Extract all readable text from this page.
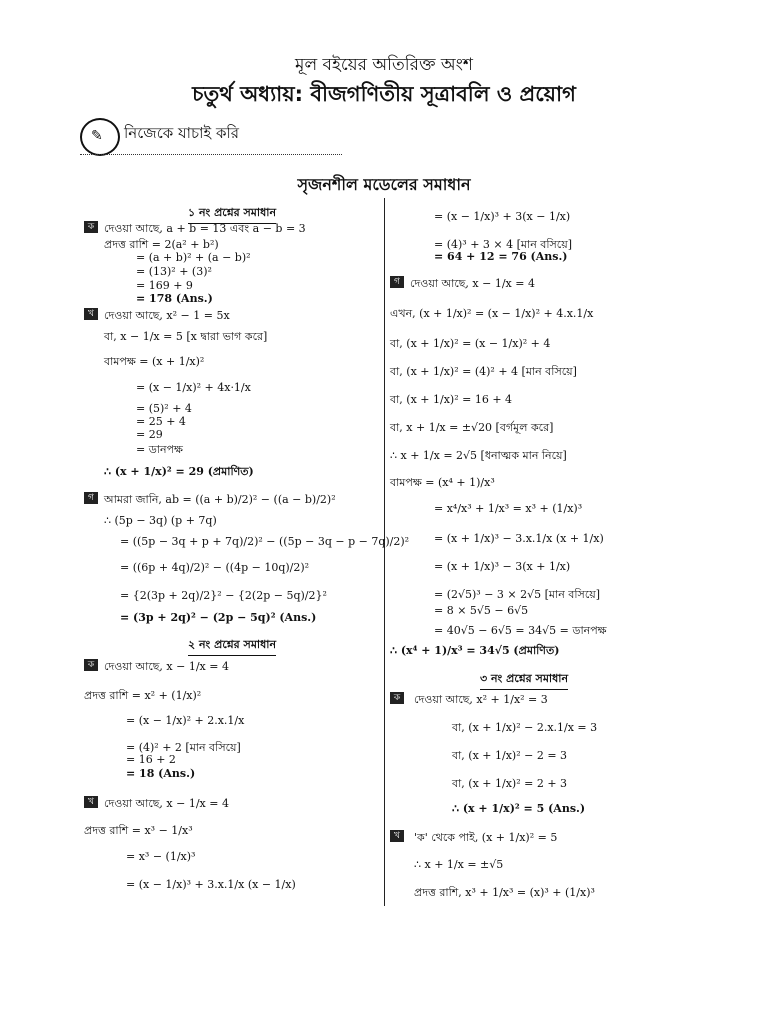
মূল বইয়ের অতিরিক্ত অংশ
চতুর্থ অধ্যায়: বীজগণিতীয় সূত্রাবলি ও প্রয়োগ
✎ নিজেকে যাচাই করি
সৃজনশীল মডেলের সমাধান
১ নং প্রশ্নের সমাধান
ক দেওয়া আছে, a + b = 13 এবং a − b = 3
প্রদত্ত রাশি = 2(a² + b²)
= (a + b)² + (a − b)²
= (13)² + (3)²
= 169 + 9
= 178 (Ans.)
খ দেওয়া আছে, x² − 1 = 5x
বা, x − 1/x = 5 [x দ্বারা ভাগ করে]
বামপক্ষ = (x + 1/x)²
= (x − 1/x)² + 4x·1/x
= (5)² + 4
= 25 + 4
= 29
= ডানপক্ষ
∴ (x + 1/x)² = 29 (প্রমাণিত)
গ আমরা জানি, ab = ((a + b)/2)² − ((a − b)/2)²
∴ (5p − 3q) (p + 7q)
= ((5p − 3q + p + 7q)/2)² − ((5p − 3q − p − 7q)/2)²
= ((6p + 4q)/2)² − ((4p − 10q)/2)²
= {2(3p + 2q)/2}² − {2(2p − 5q)/2}²
= (3p + 2q)² − (2p − 5q)² (Ans.)
২ নং প্রশ্নের সমাধান
ক দেওয়া আছে, x − 1/x = 4
প্রদত্ত রাশি = x² + (1/x)²
= (x − 1/x)² + 2.x.1/x
= (4)² + 2 [মান বসিয়ে]
= 16 + 2
= 18 (Ans.)
খ দেওয়া আছে, x − 1/x = 4
প্রদত্ত রাশি = x³ − 1/x³
= x³ − (1/x)³
= (x − 1/x)³ + 3.x.1/x (x − 1/x)
= (x − 1/x)³ + 3(x − 1/x)
= (4)³ + 3 × 4 [মান বসিয়ে]
= 64 + 12 = 76 (Ans.)
গ দেওয়া আছে, x − 1/x = 4
এখন, (x + 1/x)² = (x − 1/x)² + 4.x.1/x
বা, (x + 1/x)² = (x − 1/x)² + 4
বা, (x + 1/x)² = (4)² + 4 [মান বসিয়ে]
বা, (x + 1/x)² = 16 + 4
বা, x + 1/x = ±√20 [বর্গমূল করে]
∴ x + 1/x = 2√5 [ধনাত্মক মান নিয়ে]
বামপক্ষ = (x⁴ + 1)/x³
= x⁴/x³ + 1/x³ = x³ + (1/x)³
= (x + 1/x)³ − 3.x.1/x (x + 1/x)
= (x + 1/x)³ − 3(x + 1/x)
= (2√5)³ − 3 × 2√5 [মান বসিয়ে]
= 8 × 5√5 − 6√5
= 40√5 − 6√5 = 34√5 = ডানপক্ষ
∴ (x⁴ + 1)/x³ = 34√5 (প্রমাণিত)
৩ নং প্রশ্নের সমাধান
ক	দেওয়া আছে, x² + 1/x² = 3
বা, (x + 1/x)² − 2.x.1/x = 3
বা, (x + 1/x)² − 2 = 3
বা, (x + 1/x)² = 2 + 3
∴ (x + 1/x)² = 5 (Ans.)
খ	'ক' থেকে পাই, (x + 1/x)² = 5
∴ x + 1/x = ±√5
প্রদত্ত রাশি, x³ + 1/x³ = (x)³ + (1/x)³
